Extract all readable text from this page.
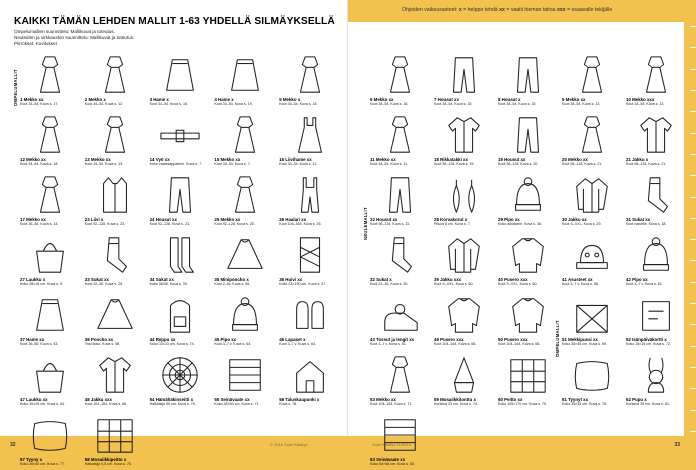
KAIKKI TÄMÄN LEHDEN MALLIT 1-63 YHDELLÄ SILMÄYKSELLÄ
Ompelumallien suunnittelu: Mallikuvat ja toteutus.
Neuleiden ja virkkausten suunnittelu: Mallikuvat ja toteutus.
Piirrokset: Kuvitukset
Ohjeiden vaikeusasteet: x = helppo tehdä xx = vaatii hieman taitoa xxx = osaavalle tekijälle
OMPELUMALLIT
NEULEMALLIT
OMPELUMALLIT
1 Mekko xx
Koot 34–54, Kuva s. 17.
2 Mekko x
Koot 34–54. Kuva s. 12.
3 Hame x
Koot 34–54. Kuva s. 16.
4 Hame x
Koot 34–54. Kuva s. 19.
5 Mekko x
Koot 34–54. Kuva s. 18.
12 Mekko xx
Koot 34–54. Kuva s. 18.
13 Mekko xx
Koot 34–54. Kuva s. 13.
14 Vyö xx
Koko vaatekappaleen. Kuva s. 7.
15 Mekko xx
Koot 34–54. Kuva s. 7.
16 Liivihame xx
Koot 34–54. Kuva s. 12.
17 Mekko xx
Koot 36–46. Kuva s. 14.
23 Liivi x
Koot 92–128. Kuva s. 23.
24 Housut xx
Koot 92–128. Kuva s. 23.
25 Mekko xx
Koot 92–128. Kuva s. 25.
26 Haalari xx
Koot 104–164. Kuva s. 26.
27 Laukku x
Koko 28×18 cm. Kuva s. 9.
33 Sukat xx
Koot 22–36. Kuva s. 29.
34 Sukat xx
Koko 36/38. Kuva s. 39.
35 Miniponcho x
Koot 2–6v. Kuva s. 59.
36 Huivi xx
Koko 23×190 cm. Kuva s. 37.
37 Hame xx
Koot 36–56. Kuva s. 53.
38 Poncho xx
Yksi koko. Kuva s. 58.
44 Reppu xx
Koko 33×23 cm. Kuva s. 74.
45 Pipo xx
Koot 3–7 v. Kuva s. 64.
46 Lapaset x
Koot 3–7 v. Kuva s. 64.
47 Laukku xx
Koko 30×25 cm. Kuva s. 64.
48 Jakku xxx
Koot 104–164. Kuva s. 66.
54 Hämähäkinseitti x
Halkaisija 50 cm. Kuva s. 70.
55 Seinävaate xx
Koko 45×50 cm. Kuva s. 71.
56 Taluskaupunki x
Kuva s. 78.
57 Tyyny x
Koko 40×60 cm. Kuva s. 77.
58 Mosaiikkipeitto x
Halkaisija 0,5 cm. Kuva s. 75.
6 Mekko xx
Koot 34–54. Kuva s. 16.
7 Housut xx
Koot 34–54. Kuva s. 15.
8 Housut x
Koot 34–54. Kuva s. 15.
9 Mekko xx
Koot 34–54. Kuva s. 13.
10 Mekko xxx
Koot 34–54. Kuva s. 13.
11 Mekko xx
Koot 34–54. Kuva s. 11.
18 Rikkatakki xx
Koot 98–128. Kuva s. 19.
19 Housut xx
Koot 98–128. Kuva s. 20.
20 Mekko xx
Koot 98–134. Kuva s. 21.
21 Jakku x
Koot 98–134. Kuva s. 21.
22 Housut xx
Koot 98–134. Kuva s. 22.
28 Korvakorut x
Pituus 8 cm. Kuva s. 7.
29 Pipo xx
Koko aikuiselle. Kuva s. 36.
30 Jakku xx
Koot S–XXL. Kuva s. 29.
31 Sukat xx
Koot naiselle. Kuva s. 38.
32 Sukat x
Koot 22–36. Kuva s. 30.
39 Jakku xxx
Koot S–XXL. Kuva s. 60.
40 Pusero xxx
Koot S–XXL. Kuva s. 60.
41 Asusteet xx
Koot 3–7 v. Kuva s. 56.
42 Pipo xx
Koot 3–7 v. Kuva s. 61.
43 Tossut ja lengit xx
Koot 3–7 v. Kuva s. 61.
49 Pusero xxx
Koot 104–164. Kuva s. 66.
50 Pusero xxx
Koot 104–164. Kuva s. 66.
51 Mekkipussi xx
Koko 35×35 cm. Kuva s. 69.
52 Isänpäiväkortti x
Koko 15×15 cm. Kuva s. 72.
53 Mekko xx
Koot 104–164. Kuva s. 71.
59 Mosaiikkitonttu x
Korkeus 23 cm. Kuva s. 74.
60 Peitto xx
Koko 105×170 cm. Kuva s. 79.
61 Tyynyt xx
Koko 35×35 cm. Kuva s. 76.
62 Pupu x
Korkeus 30 cm. Kuva s. 81.
63 Seinävaate xx
Koko 54×58 cm. Kuva s. 83.
32	© 2016 Suuri Käsityö	Suuri Käsityö 11/2016	33
